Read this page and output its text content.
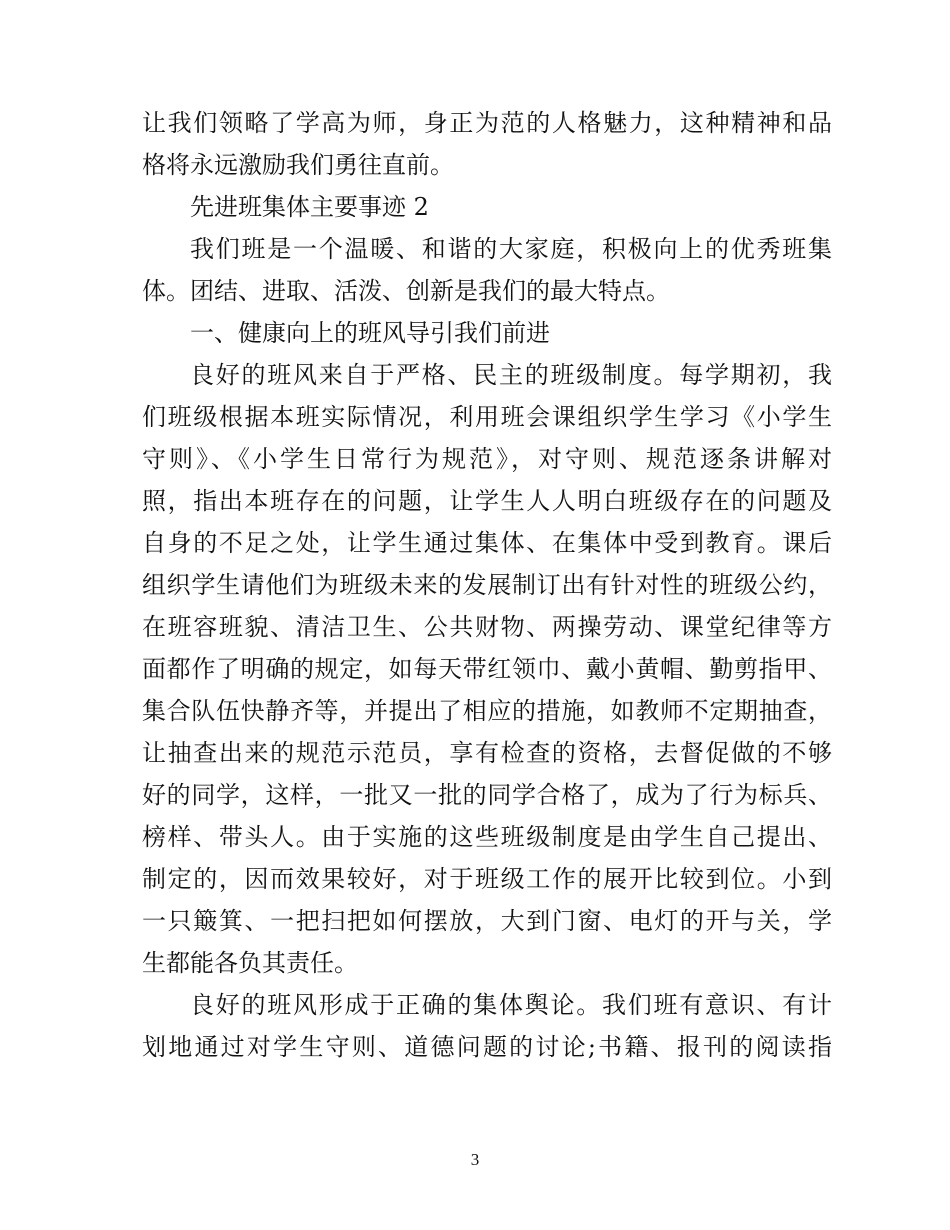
让我们领略了学高为师，身正为范的人格魅力，这种精神和品
格将永远激励我们勇往直前。
先进班集体主要事迹 2
我们班是一个温暖、和谐的大家庭，积极向上的优秀班集
体。团结、进取、活泼、创新是我们的最大特点。
一、健康向上的班风导引我们前进
良好的班风来自于严格、民主的班级制度。每学期初，我
们班级根据本班实际情况，利用班会课组织学生学习《小学生
守则》、《小学生日常行为规范》，对守则、规范逐条讲解对
照，指出本班存在的问题，让学生人人明白班级存在的问题及
自身的不足之处，让学生通过集体、在集体中受到教育。课后
组织学生请他们为班级未来的发展制订出有针对性的班级公约，
在班容班貌、清洁卫生、公共财物、两操劳动、课堂纪律等方
面都作了明确的规定，如每天带红领巾、戴小黄帽、勤剪指甲、
集合队伍快静齐等，并提出了相应的措施，如教师不定期抽查，
让抽查出来的规范示范员，享有检查的资格，去督促做的不够
好的同学，这样，一批又一批的同学合格了，成为了行为标兵、
榜样、带头人。由于实施的这些班级制度是由学生自己提出、
制定的，因而效果较好，对于班级工作的展开比较到位。小到
一只簸箕、一把扫把如何摆放，大到门窗、电灯的开与关，学
生都能各负其责任。
良好的班风形成于正确的集体舆论。我们班有意识、有计
划地通过对学生守则、道德问题的讨论;书籍、报刊的阅读指
3
